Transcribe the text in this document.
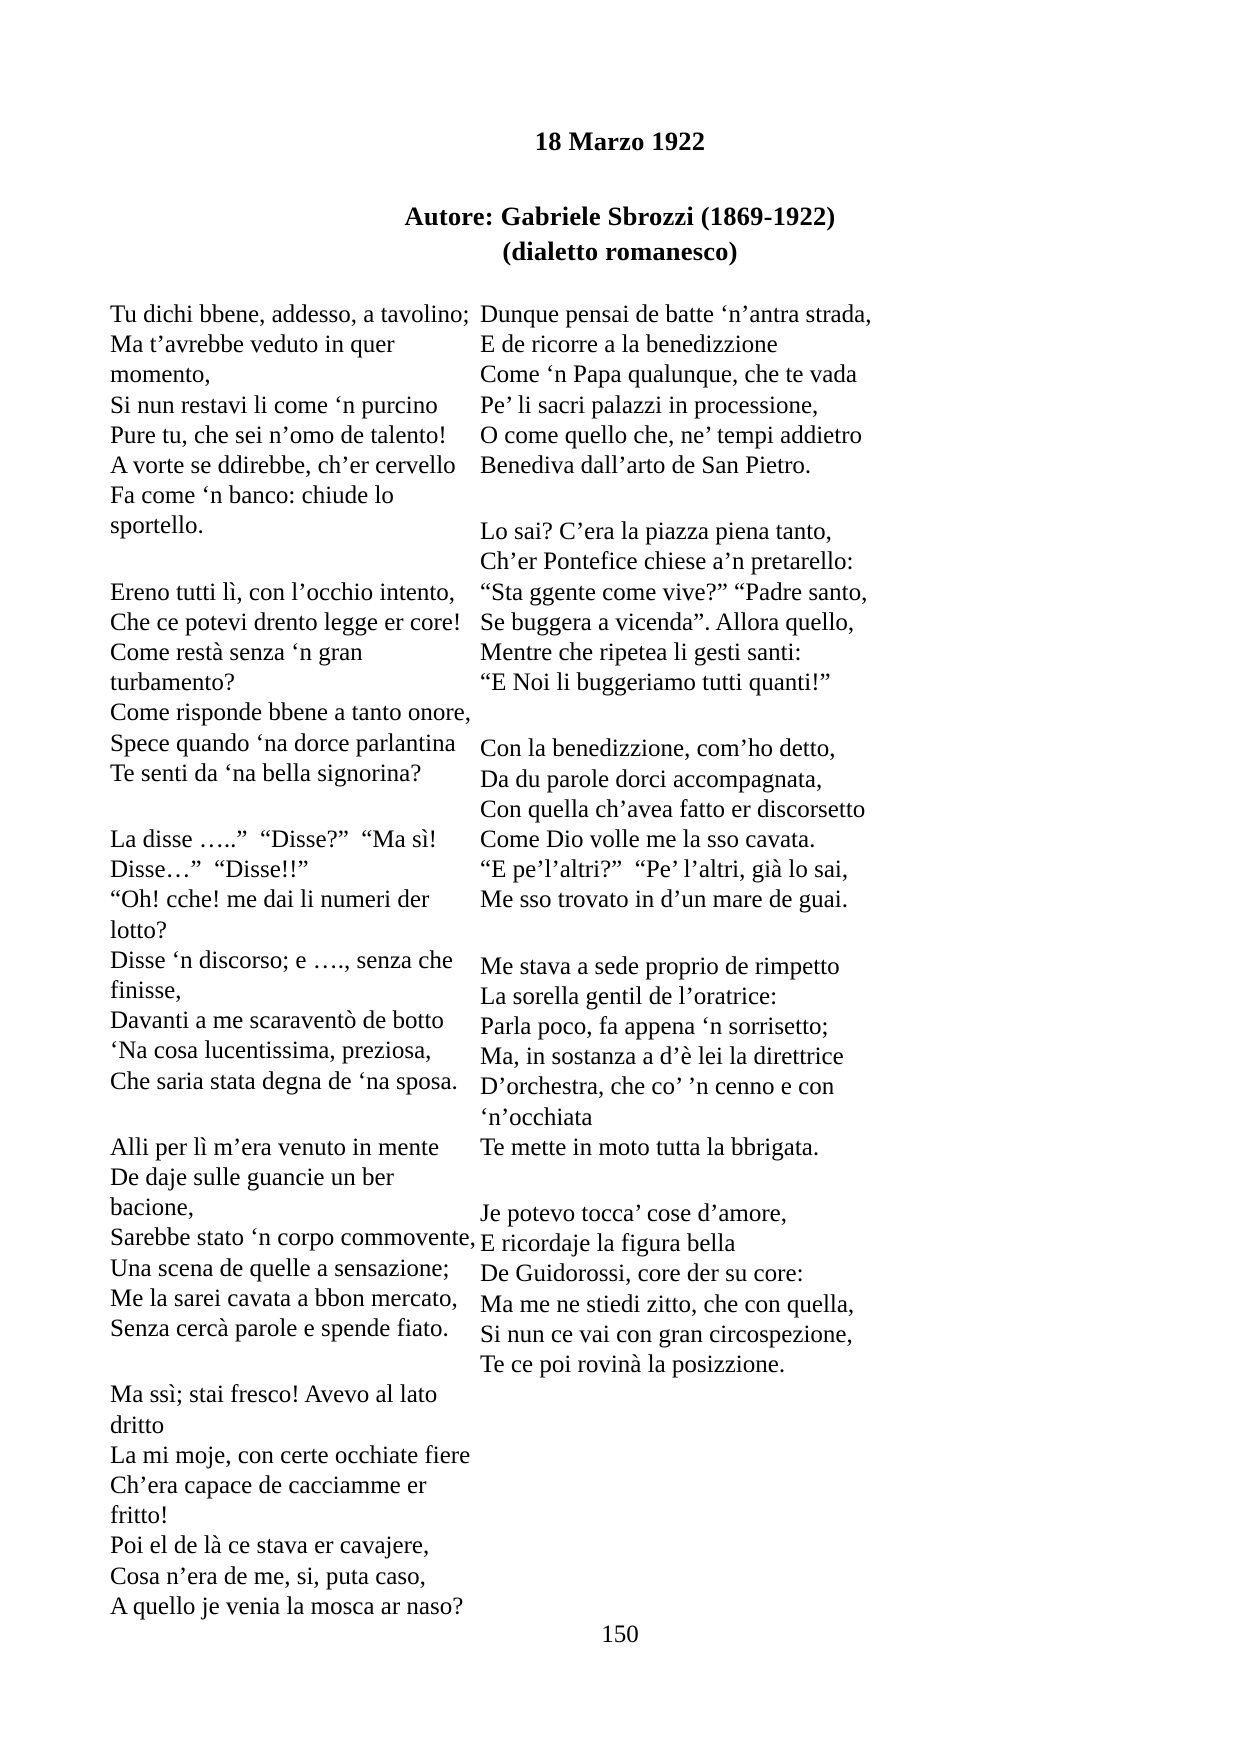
18 Marzo 1922
Autore: Gabriele Sbrozzi (1869-1922)
(dialetto romanesco)
Tu dichi bbene, addesso, a tavolino;
Ma t’avrebbe veduto in quer momento,
Si nun restavi li come ‘n purcino
Pure tu, che sei n’omo de talento!
A vorte se ddirebbe, ch’er cervello
Fa come ‘n banco: chiude lo sportello.
Ereno tutti lì, con l’occhio intento,
Che ce potevi drento legge er core!
Come restà senza ‘n gran turbamento?
Come risponde bbene a tanto onore,
Spece quando ‘na dorce parlantina
Te senti da ‘na bella signorina?
La disse …..”  “Disse?”  “Ma sì!
Disse…”  “Disse!!”
“Oh! cche! me dai li numeri der lotto?
Disse ‘n discorso; e …., senza che
finisse,
Davanti a me scaraventò de botto
‘Na cosa lucentissima, preziosa,
Che saria stata degna de ‘na sposa.
Alli per lì m’era venuto in mente
De daje sulle guancie un ber bacione,
Sarebbe stato ‘n corpo commovente,
Una scena de quelle a sensazione;
Me la sarei cavata a bbon mercato,
Senza cercà parole e spende fiato.
Ma ssì; stai fresco! Avevo al lato dritto
La mi moje, con certe occhiate fiere
Ch’era capace de cacciamme er fritto!
Poi el de là ce stava er cavajere,
Cosa n’era de me, si, puta caso,
A quello je venia la mosca ar naso?
Dunque pensai de batte ‘n’antra strada,
E de ricorre a la benedizzione
Come ‘n Papa qualunque, che te vada
Pe’ li sacri palazzi in processione,
O come quello che, ne’ tempi addietro
Benediva dall’arto de San Pietro.
Lo sai? C’era la piazza piena tanto,
Ch’er Pontefice chiese a’n pretarello:
“Sta ggente come vive?” “Padre santo,
Se buggera a vicenda”. Allora quello,
Mentre che ripetea li gesti santi:
“E Noi li buggeriamo tutti quanti!”
Con la benedizzione, com’ho detto,
Da du parole dorci accompagnata,
Con quella ch’avea fatto er discorsetto
Come Dio volle me la sso cavata.
“E pe’l’altri?”  “Pe’ l’altri, già lo sai,
Me sso trovato in d’un mare de guai.
Me stava a sede proprio de rimpetto
La sorella gentil de l’oratrice:
Parla poco, fa appena ‘n sorrisetto;
Ma, in sostanza a d’è lei la direttrice
D’orchestra, che co’ ’n cenno e con
‘n’occhiata
Te mette in moto tutta la bbrigata.
Je potevo tocca’ cose d’amore,
E ricordaje la figura bella
De Guidorossi, core der su core:
Ma me ne stiedi zitto, che con quella,
Si nun ce vai con gran circospezione,
Te ce poi rovinà la posizzione.
150
